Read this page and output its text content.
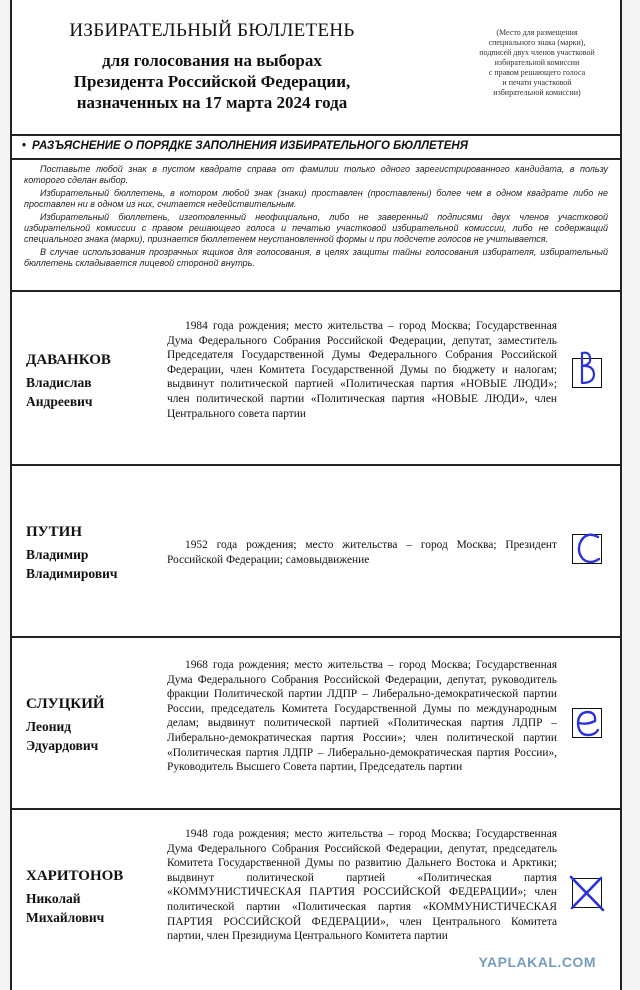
ИЗБИРАТЕЛЬНЫЙ БЮЛЛЕТЕНЬ
для голосования на выборах
Президента Российской Федерации,
назначенных на 17 марта 2024 года
(Место для размещения
специального знака (марки),
подписей двух членов участковой
избирательной комиссии
с правом решающего голоса
и печати участковой
избирательной комиссии)
• РАЗЪЯСНЕНИЕ О ПОРЯДКЕ ЗАПОЛНЕНИЯ ИЗБИРАТЕЛЬНОГО БЮЛЛЕТЕНЯ

Поставьте любой знак в пустом квадрате справа от фамилии только одного зарегистрированного кандидата, в пользу которого сделан выбор.

Избирательный бюллетень, в котором любой знак (знаки) проставлен (проставлены) более чем в одном квадрате либо не проставлен ни в одном из них, считается недействительным.

Избирательный бюллетень, изготовленный неофициально, либо не заверенный подписями двух членов участковой избирательной комиссии с правом решающего голоса и печатью участковой избирательной комиссии, либо не содержащий специального знака (марки), признается бюллетенем неустановленной формы и при подсчете голосов не учитывается.

В случае использования прозрачных ящиков для голосования, в целях защиты тайны голосования избирателя, избирательный бюллетень складывается лицевой стороной внутрь.

ДАВАНКОВ
Владислав
Андреевич
1984 года рождения; место жительства – город Москва; Государственная Дума Федерального Собрания Российской Федерации, депутат, заместитель Председателя Государственной Думы Федерального Собрания Российской Федерации, член Комитета Государственной Думы по бюджету и налогам; выдвинут политической партией «Политическая партия «НОВЫЕ ЛЮДИ»; член политической партии «Политическая партия «НОВЫЕ ЛЮДИ», член Центрального совета партии
ПУТИН
Владимир
Владимирович
1952 года рождения; место жительства – город Москва; Президент Российской Федерации; самовыдвижение
СЛУЦКИЙ
Леонид
Эдуардович
1968 года рождения; место жительства – город Москва; Государственная Дума Федерального Собрания Российской Федерации, депутат, руководитель фракции Политической партии ЛДПР – Либерально-демократической партии России, председатель Комитета Государственной Думы по международным делам; выдвинут политической партией «Политическая партия ЛДПР – Либерально-демократическая партия России»; член политической партии «Политическая партия ЛДПР – Либерально-демократическая партия России», Руководитель Высшего Совета партии, Председатель партии
ХАРИТОНОВ
Николай
Михайлович
1948 года рождения; место жительства – город Москва; Государственная Дума Федерального Собрания Российской Федерации, депутат, председатель Комитета Государственной Думы по развитию Дальнего Востока и Арктики; выдвинут политической партией «Политическая партия «КОММУНИСТИЧЕСКАЯ ПАРТИЯ РОССИЙСКОЙ ФЕДЕРАЦИИ»; член политической партии «Политическая партия «КОММУНИСТИЧЕСКАЯ ПАРТИЯ РОССИЙСКОЙ ФЕДЕРАЦИИ», член Центрального Комитета партии, член Президиума Центрального Комитета партии
YAPLAKAL.COM
